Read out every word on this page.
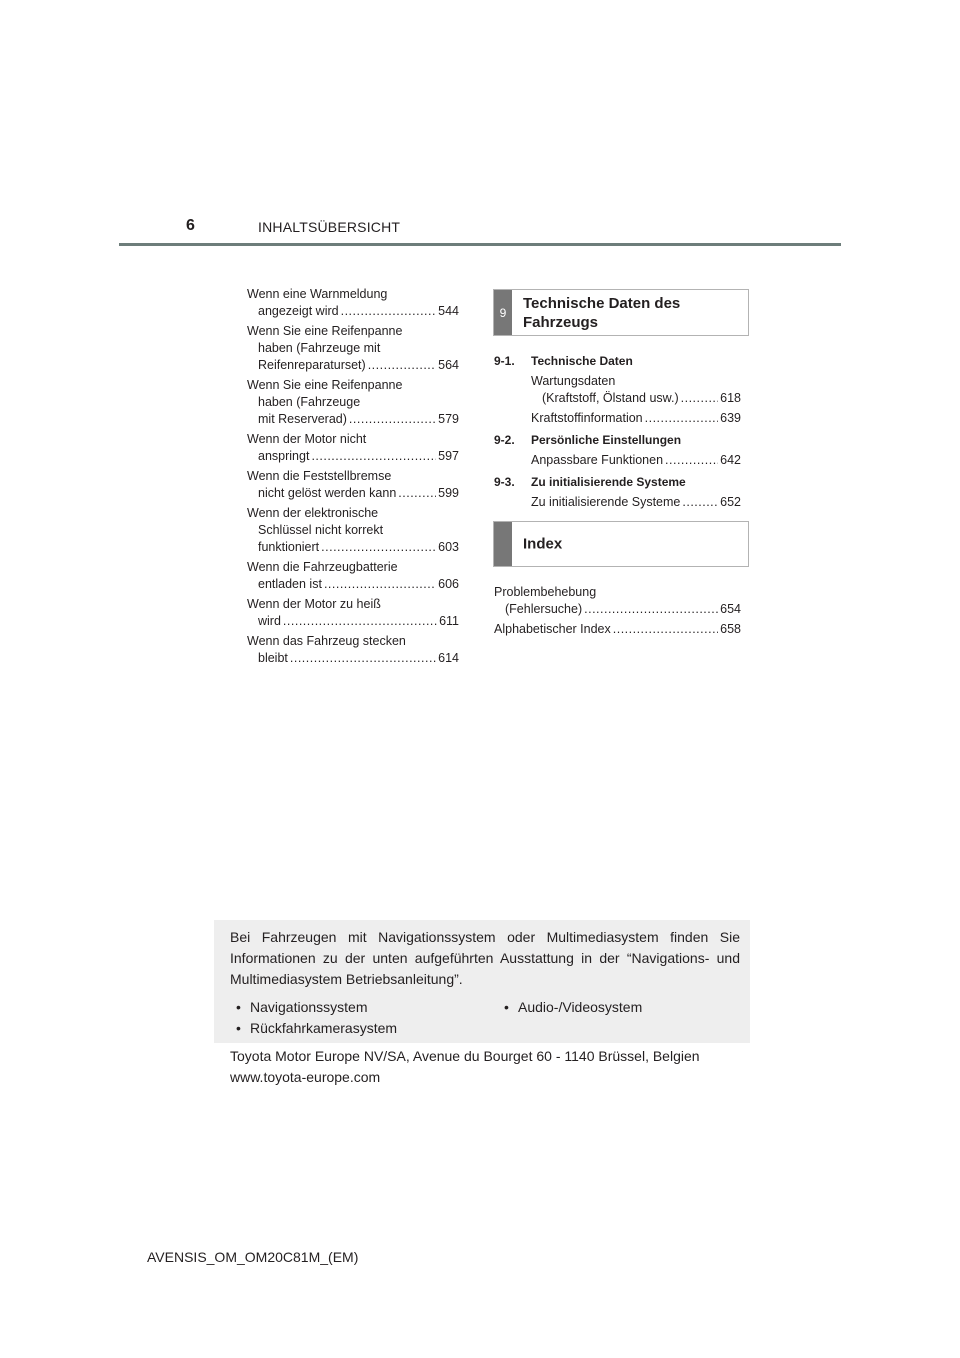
6	INHALTSÜBERSICHT
Wenn eine Warnmeldung
angezeigt wird .....	544
Wenn Sie eine Reifenpanne
haben (Fahrzeuge mit
Reifenreparaturset) .....	564
Wenn Sie eine Reifenpanne
haben (Fahrzeuge
mit Reserverad) .....	579
Wenn der Motor nicht
anspringt .....	597
Wenn die Feststellbremse
nicht gelöst werden kann .....	599
Wenn der elektronische
Schlüssel nicht korrekt
funktioniert .....	603
Wenn die Fahrzeugbatterie
entladen ist .....	606
Wenn der Motor zu heiß
wird .....	611
Wenn das Fahrzeug stecken
bleibt .....	614
9
Technische Daten des
Fahrzeugs
9-1.	Technische Daten
Wartungsdaten
(Kraftstoff, Ölstand usw.) .....	618
Kraftstoffinformation .....	639
9-2.	Persönliche Einstellungen
Anpassbare Funktionen .....	642
9-3.	Zu initialisierende Systeme
Zu initialisierende Systeme .....	652
Index
Problembehebung
(Fehlersuche) .....	654
Alphabetischer Index .....	658
Bei Fahrzeugen mit Navigationssystem oder Multimediasystem finden Sie Informationen zu der unten aufgeführten Ausstattung in der “Navigations- und Multimediasystem Betriebsanleitung”.
• Navigationssystem	• Audio-/Videosystem
• Rückfahrkamerasystem
Toyota Motor Europe NV/SA, Avenue du Bourget 60 - 1140 Brüssel, Belgien
www.toyota-europe.com
AVENSIS_OM_OM20C81M_(EM)
